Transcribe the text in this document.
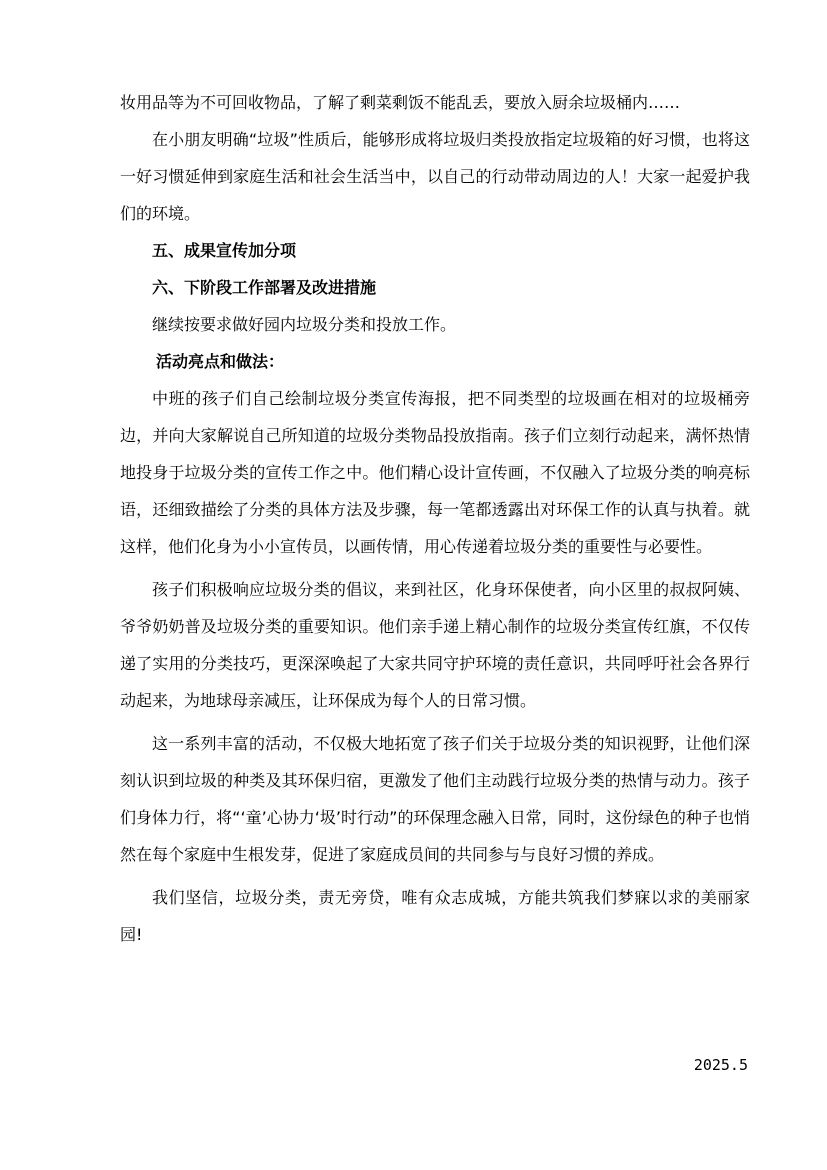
妆用品等为不可回收物品，了解了剩菜剩饭不能乱丢，要放入厨余垃圾桶内……

在小朋友明确“垃圾”性质后，能够形成将垃圾归类投放指定垃圾箱的好习惯，也将这一好习惯延伸到家庭生活和社会生活当中，以自己的行动带动周边的人！大家一起爱护我们的环境。

五、成果宣传加分项

六、下阶段工作部署及改进措施

继续按要求做好园内垃圾分类和投放工作。

活动亮点和做法：

中班的孩子们自己绘制垃圾分类宣传海报，把不同类型的垃圾画在相对的垃圾桶旁边，并向大家解说自己所知道的垃圾分类物品投放指南。孩子们立刻行动起来，满怀热情地投身于垃圾分类的宣传工作之中。他们精心设计宣传画，不仅融入了垃圾分类的响亮标语，还细致描绘了分类的具体方法及步骤，每一笔都透露出对环保工作的认真与执着。就这样，他们化身为小小宣传员，以画传情，用心传递着垃圾分类的重要性与必要性。

孩子们积极响应垃圾分类的倡议，来到社区，化身环保使者，向小区里的叔叔阿姨、爷爷奶奶普及垃圾分类的重要知识。他们亲手递上精心制作的垃圾分类宣传红旗，不仅传递了实用的分类技巧，更深深唤起了大家共同守护环境的责任意识，共同呼吁社会各界行动起来，为地球母亲减压，让环保成为每个人的日常习惯。

这一系列丰富的活动，不仅极大地拓宽了孩子们关于垃圾分类的知识视野，让他们深刻认识到垃圾的种类及其环保归宿，更激发了他们主动践行垃圾分类的热情与动力。孩子们身体力行，将“‘童’心协力‘圾’时行动”的环保理念融入日常，同时，这份绿色的种子也悄然在每个家庭中生根发芽，促进了家庭成员间的共同参与与良好习惯的养成。

我们坚信，垃圾分类，责无旁贷，唯有众志成城，方能共筑我们梦寐以求的美丽家园!

2025.5
